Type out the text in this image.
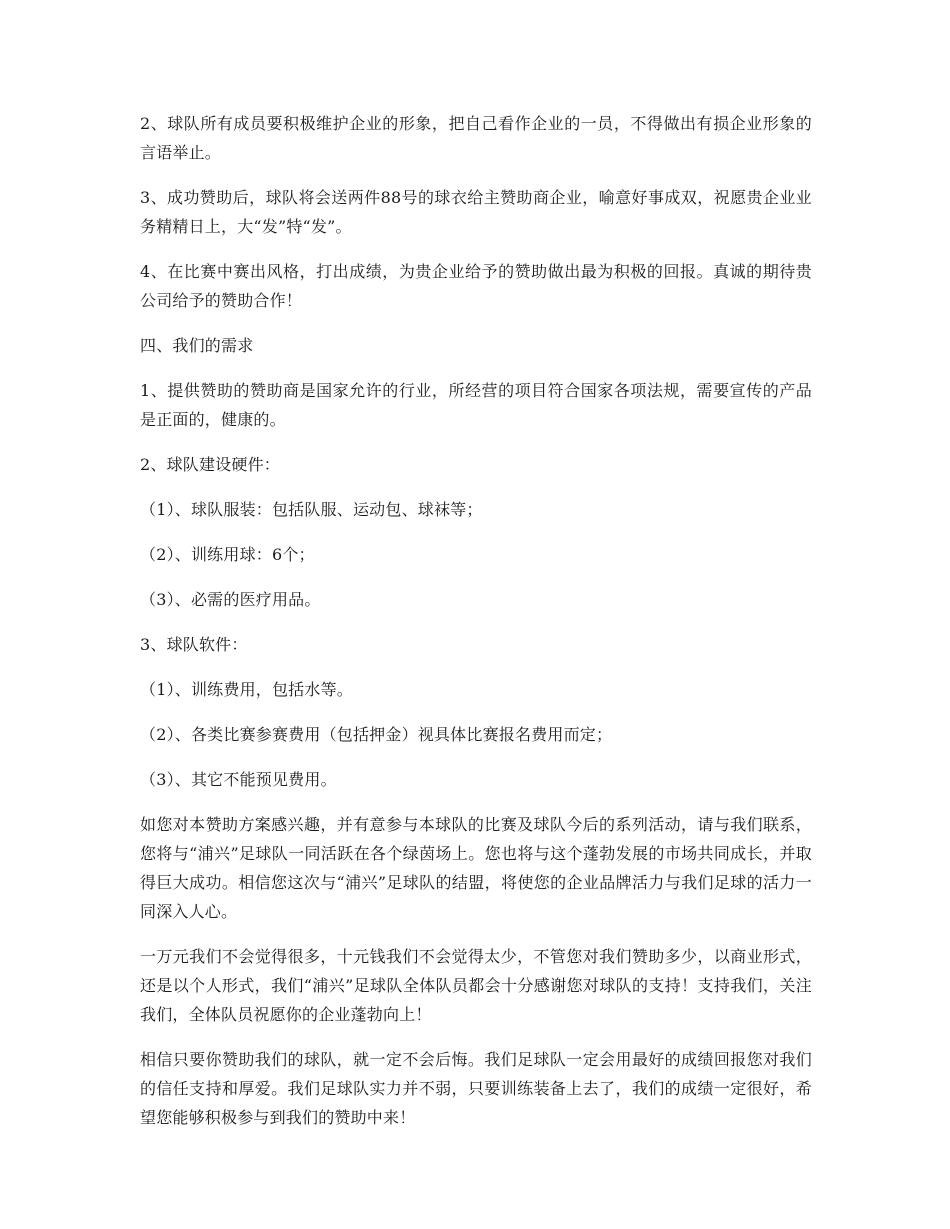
2、球队所有成员要积极维护企业的形象，把自己看作企业的一员，不得做出有损企业形象的言语举止。

3、成功赞助后，球队将会送两件88号的球衣给主赞助商企业，喻意好事成双，祝愿贵企业业务精精日上，大“发”特“发”。

4、在比赛中赛出风格，打出成绩，为贵企业给予的赞助做出最为积极的回报。真诚的期待贵公司给予的赞助合作！

四、我们的需求

1、提供赞助的赞助商是国家允许的行业，所经营的项目符合国家各项法规，需要宣传的产品是正面的，健康的。

2、球队建设硬件：

（1）、球队服装：包括队服、运动包、球袜等；

（2）、训练用球：6个；

（3）、必需的医疗用品。

3、球队软件：

（1）、训练费用，包括水等。

（2）、各类比赛参赛费用（包括押金）视具体比赛报名费用而定；

（3）、其它不能预见费用。

如您对本赞助方案感兴趣，并有意参与本球队的比赛及球队今后的系列活动，请与我们联系，您将与“浦兴”足球队一同活跃在各个绿茵场上。您也将与这个蓬勃发展的市场共同成长，并取得巨大成功。相信您这次与“浦兴”足球队的结盟，将使您的企业品牌活力与我们足球的活力一同深入人心。

一万元我们不会觉得很多，十元钱我们不会觉得太少，不管您对我们赞助多少，以商业形式，还是以个人形式，我们“浦兴”足球队全体队员都会十分感谢您对球队的支持！支持我们，关注我们，全体队员祝愿你的企业蓬勃向上！

相信只要你赞助我们的球队，就一定不会后悔。我们足球队一定会用最好的成绩回报您对我们的信任支持和厚爱。我们足球队实力并不弱，只要训练装备上去了，我们的成绩一定很好，希望您能够积极参与到我们的赞助中来！
